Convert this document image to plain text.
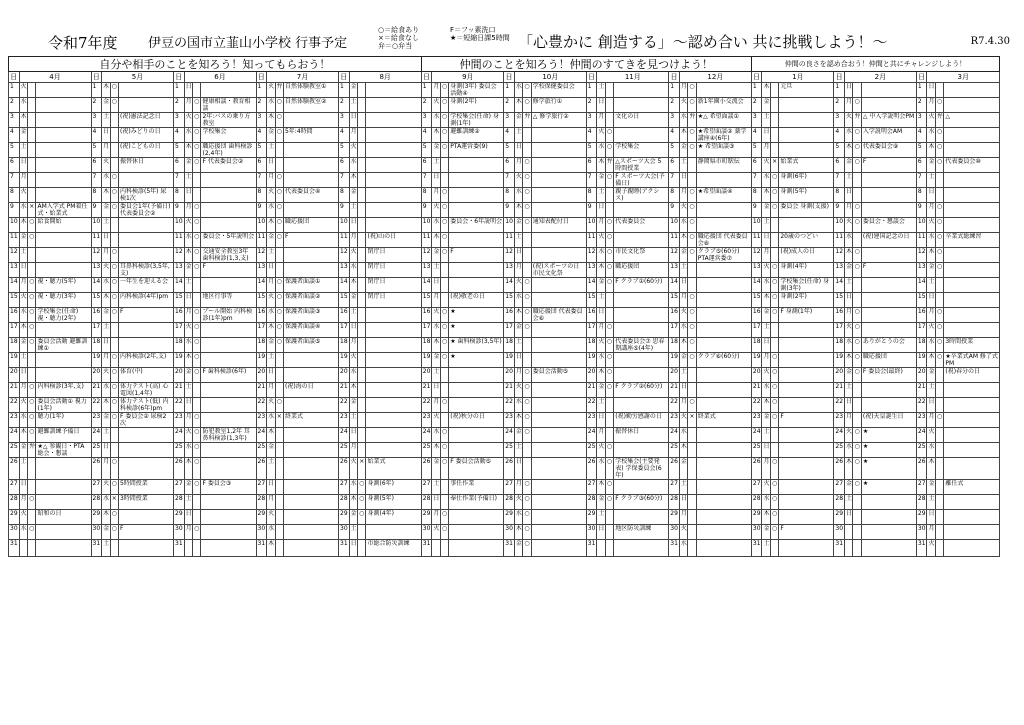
令和7年度 伊豆の国市立韮山小学校 行事予定
○＝給食あり
×＝給食なし
弁＝○弁当
F＝フッ素洗口
★＝短縮日課5時間 「心豊かに 創造する」〜認め合い 共に挑戦しよう！〜	R7.4.30
自分や相手のことを知ろう！知ってもらおう！																				仲間のことを知ろう！仲間のすてきを見つけよう！																仲間の良さを認め合おう！仲間と共にチャレンジしよう！											
日	4月			日	5月			日	6月			日	7月			日	8月			日	9月			日	10月			日	11月			日	12月			日	1月			日	2月			日	3月		
1	火			1	木	○		1	日			1	火	弁	自然体験教室①	1	金			1	月	○	身測(3年) 委員会活動④	1	水	○	学校保健委員会	1	土			1	月	○		1	木		元旦	1	日			1	日		
2	水			2	金	○		2	月	○	健康相談・教育相談	2	水	○	自然体験教室②	2	土			2	火	○	身測(2年)	2	木	○	修学旅行①	2	日			2	火	○	新1年園小交流会	2	金			2	月	○		2	月	○	
3	木			3	土		(祝)憲法記念日	3	火	○	2年:バスの乗り方教室	3	木	○		3	日			3	水	○	学校集会(任命) 身測(1年)	3	金	弁	△ 修学旅行②	3	月		文化の日	3	水	弁	★△ 希望面談①	3	土			3	火	弁	△ 中入学説明会PM	3	火	弁	△
4	金			4	日		(祝)みどりの日	4	水	○	学校集会	4	金	○	5年:4時間	4	月			4	木	○	避難訓練②	4	土			4	火	○		4	木	○	★希望面談② 薬学講座④(6年)	4	日			4	水	○	入学説明会AM	4	水	○	
5	土			5	月		(祝)こどもの日	5	木	○	職応援団 歯科検診(2,4年)	5	土			5	火			5	金	○	PTA運営委(9)	5	日			5	水	○	学校集会	5	金	○	★ 希望面談③	5	月			5	木	○	代表委員会⑨	5	木	○	
6	日			6	火		振替休日	6	金	○	F 代表委員会②	6	日			6	水			6	土			6	月	○		6	木	弁	△スポーツ大会 5時間授業	6	土		静岡県市町駅伝	6	火	×	始業式	6	金	○	F	6	金	○	代表委員会⑩
7	月			7	水	○		7	土			7	月	○		7	木			7	日			7	火	○		7	金	○	F スポーツ大会(予備日)	7	日			7	水	○	身測(6年)	7	土			7	土		
8	火			8	木	○	内科検診(5年) 尿検1次	8	日			8	火	○	代表委員会④	8	金			8	月	○		8	水	○		8	土		親子親睦(アクシス)	8	月	○	★希望面談④	8	木	○	身測(5年)	8	日			8	日		
9	水	×	AM入学式 PM着任式・始業式	9	金	○	委員会1年(予備日) 代表委員会②	9	月	○		9	水	○		9	土			9	火	○		9	木	○		9	日			9	火	○		9	金	○	委員会 身測(支援)	9	月	○		9	月	○	
10	木	○	給食開始	10	土			10	火	○		10	木	○	職応援団	10	日			10	水	○	委員会・6年説明会	10	金	○	通知表配付日	10	月	○	代表委員会	10	水	○		10	土			10	火	○	委員会・懇談会	10	火	○	
11	金	○		11	日			11	水	○	委員会・5年説明会	11	金	○	F	11	月		(祝)山の日	11	木	○		11	土			11	火	○		11	木	○	職応援団 代表委員会⑧	11	日		20歳のつどい	11	水		(祝)建国記念の日	11	水	○	卒業式総練習
12	土			12	月	○		12	木	○	交通安全教室3年 歯科検診(1,3,支)	12	土			12	火		閉庁日	12	金	○	F	12	日			12	水	○	市民文化祭	12	金	○	クラブ⑤(60分) PTA運営委⑦	12	月		(祝)成人の日	12	木	○		12	木	○	
13	日			13	火	○	耳鼻科検診(3,5年,支)	13	金	○	F	13	日			13	水		閉庁日	13	土			13	月		(祝)スポーツの日 市民文化祭	13	木	○	職応援団	13	土			13	火	○	身測(4年)	13	金	○	F	13	金	○	
14	月	○	視・聴力(5年)	14	水	○	一年生を迎える会	14	土			14	月	○	保護者面談①	14	木		閉庁日	14	日			14	火	○		14	金	○	F クラブ①(60分)	14	日			14	水	○	学校集会(任命) 身測(3年)	14	土			14	土		
15	火	○	視・聴力(3年)	15	木	○	内科検診(4年)pm	15	日		地区行事等	15	火	○	保護者面談②	15	金		閉庁日	15	月		(祝)敬老の日	15	水	○		15	土			15	月	○		15	木	○	身測(2年)	15	日			15	日		
16	水	○	学校集会(任命) 視・聴力(2年)	16	金	○	F	16	月	○	プール開始 内科検診(1年)pm	16	水	○	保護者面談③	16	土			16	火	○	★	16	木	○	職応援団 代表委員会⑥	16	日			16	火	○		16	金	○	F 身測(1年)	16	月	○		16	月	○	
17	木	○		17	土			17	火	○		17	木	○	保護者面談④	17	日			17	水	○	★	17	金	○		17	月	○		17	水	○		17	土			17	火	○		17	火	○	
18	金	○	委員会活動 避難訓練①	18	日			18	水	○		18	金	○	保護者面談⑤	18	月			18	木	○	★ 歯科検診(3,5年)	18	土			18	火	○	代表委員会⑦ 思春期講座⑤(4年)	18	木	○		18	日			18	水	○	ありがとうの会	18	水	○	3時間授業
19	土			19	月	○	内科検診(2年,支)	19	木	○		19	土			19	火			19	金	○	★	19	日			19	水	○		19	金	○	クラブ⑥(60分)	19	月	○		19	木	○	職応援団	19	木	○	★卒業式AM 修了式PM
20	日			20	火	○	体育(中)	20	金	○	F 歯科検診(6年)	20	日			20	水			20	土			20	月	○	委員会活動⑤	20	木	○		20	土			20	火	○		20	金	○	F 委員会(最終)	20	金		(祝)春分の日
21	月	○	内科検診(3年,支)	21	水	○	体力テスト(高) 心電図(1,4年)	21	土			21	月		(祝)海の日	21	木			21	日			21	火	○		21	金	○	F クラブ②(60分)	21	日			21	水	○		21	土			21	土		
22	火	○	委員会活動① 視力(1年)	22	木	○	体力テスト(低) 内科検診(6年)pm	22	日			22	火	○		22	金			22	月	○		22	水	○		22	土			22	月	○		22	木	○		22	日			22	日		
23	水	○	聴力(1年)	23	金	○	F 委員会② 尿検2次	23	月	○		23	水	×	終業式	23	土			23	火		(祝)秋分の日	23	木	○		23	日		(祝)勤労感謝の日	23	火	×	終業式	23	金	○	F	23	月		(祝)天皇誕生日	23	月	○	
24	木	○	避難訓練予備日	24	土			24	火	○	防犯教室1,2年 耳鼻科検診(1,3年)	24	木			24	日			24	水	○		24	金	○		24	月		振替休日	24	水			24	土			24	火	○	★	24	火		
25	金	弁	★△ 参観日・PTA総会・懇談	25	日			25	水	○		25	金			25	月			25	木	○		25	土			25	火	○		25	木			25	日			25	水	○	★	25	水		
26	土			26	月	○		26	木	○		26	土			26	火	×	始業式	26	金	○	F 委員会活動⑤	26	日			26	水	○	学校集会(主要発表) 学保委員会(6年)	26	金			26	月	○		26	木	○	★	26	木		
27	日			27	火	○	5時間授業	27	金	○	F 委員会③	27	日			27	水	○	身測(6年)	27	土		事任作業	27	月	○		27	木	○		27	土			27	火	○		27	金	○	★	27	金		離任式
28	月	○		28	水	×	3時間授業	28	土			28	月			28	木	○	身測(5年)	28	日		奉仕作業(予備日)	28	火	○		28	金	○	F クラブ③(60分)	28	日			28	水	○		28	土			28	土		
29	火		昭和の日	29	木	○		29	日			29	火			29	金	○	身測(4年)	29	月	○		29	水	○		29	土			29	月			29	木	○		29	日			29	日		
30	水	○		30	金	○	F	30	月	○		30	水			30	土			30	火	○		30	木	○		30	日		地区防災訓練	30	火			30	金	○	F	30				30	月		
31				31	土			31				31	木			31	日		市総合防災訓練	31				31	金	○		31				31	水			31	土			31				31	火		
